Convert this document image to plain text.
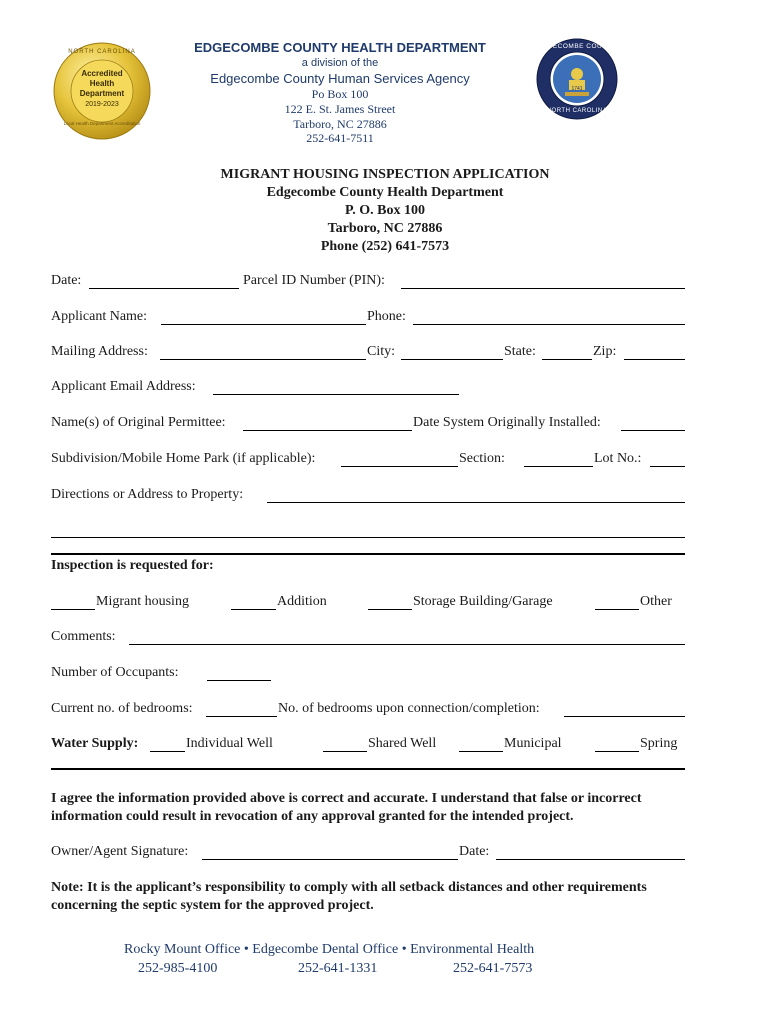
Accredited
Health
Department
2019-2023
NORTH CAROLINA
Local Health Department Accreditation
EDGECOMBE COUNTY
1741
NORTH CAROLINA
EDGECOMBE COUNTY HEALTH DEPARTMENT
a division of the
Edgecombe County Human Services Agency
Po Box 100
122 E. St. James Street
Tarboro, NC 27886
252-641-7511
MIGRANT HOUSING INSPECTION APPLICATION
Edgecombe County Health Department
P. O. Box 100
Tarboro, NC 27886
Phone (252) 641-7573
Date:	Parcel ID Number (PIN):
Applicant Name:	Phone:
Mailing Address:	City:	State:	Zip:
Applicant Email Address:
Name(s) of Original Permittee:	Date System Originally Installed:
Subdivision/Mobile Home Park (if applicable):	Section:	Lot No.:
Directions or Address to Property:
Inspection is requested for:
Migrant housing	Addition	Storage Building/Garage	Other
Comments:
Number of Occupants:
Current no. of bedrooms:	No. of bedrooms upon connection/completion:
Water Supply:	Individual Well	Shared Well	Municipal	Spring
I agree the information provided above is correct and accurate. I understand that false or incorrect
information could result in revocation of any approval granted for the intended project.
Owner/Agent Signature:	Date:
Note: It is the applicant’s responsibility to comply with all setback distances and other requirements
concerning the septic system for the approved project.
Rocky Mount Office • Edgecombe Dental Office • Environmental Health
252-985-4100	252-641-1331	252-641-7573
